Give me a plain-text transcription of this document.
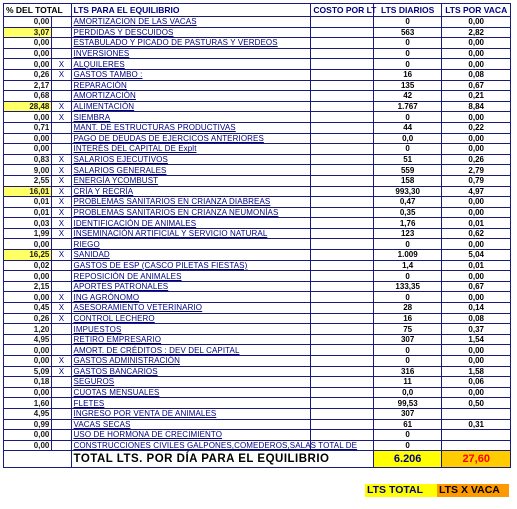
% DEL TOTAL		LTS PARA EL EQUILIBRIO	COSTO POR LT	LTS DIARIOS	LTS POR VACA
0,00		AMORTIZACION DE LAS VACAS		0	0,00
3,07		PERDIDAS Y DESCUIDOS		563	2,82
0,00		ESTABULADO Y PICADO DE PASTURAS Y VERDEOS		0	0,00
0,00		INVERSIONES		0	0,00
0,00	X	ALQUILERES		0	0,00
0,26	X	GASTOS TAMBO :		16	0,08
2,17		REPARACIÓN		135	0,67
0,68		AMORTIZACIÓN		42	0,21
28,48	X	ALIMENTACIÓN		1.767	8,84
0,00	X	SIEMBRA		0	0,00
0,71		MANT. DE ESTRUCTURAS PRODUCTIVAS		44	0,22
0,00		PAGO DE DEUDAS DE EJERCICOS ANTERIORES		0,0	0,00
0,00		INTERÉS DEL CAPITAL DE Explt		0	0,00
0,83	X	SALARIOS EJECUTIVOS		51	0,26
9,00	X	SALARIOS GENERALES		559	2,79
2,55	X	ENERGÍA YCOMBUST		158	0,79
16,01	X	CRÍA Y RECRÍA		993,30	4,97
0,01	X	PROBLEMAS SANITARIOS EN CRIANZA DIABREAS		0,47	0,00
0,01	X	PROBLEMAS SANITARIOS EN CRIANZA NEUMONÍAS		0,35	0,00
0,03	X	IDENTIFICACIÓN DE ANIMALES		1,76	0,01
1,99	X	INSEMINACIÓN ARTIFICIAL Y SERVICIO NATURAL		123	0,62
0,00		RIEGO		0	0,00
16,25	X	SANIDAD		1.009	5,04
0,02		GASTOS DE ESP (CASCO PILETAS FIESTAS)		1,4	0,01
0,00		REPOSICIÓN DE ANIMALES		0	0,00
2,15		APORTES PATRONALES		133,35	0,67
0,00	X	ING AGRÓNOMO		0	0,00
0,45	X	ASESORAMIENTO VETERINARIO		28	0,14
0,26	X	CONTROL LECHERO		16	0,08
1,20		IMPUESTOS		75	0,37
4,95		RETIRO EMPRESARIO		307	1,54
0,00		AMORT. DE CRÉDITOS : DEV DEL CAPITAL		0	0,00
0,00	X	GASTOS ADMINISTRACIÓN		0	0,00
5,09	X	GASTOS BANCARIOS		316	1,58
0,18		SEGUROS		11	0,06
0,00		CUOTAS MENSUALES		0,0	0,00
1,60		FLETES		99,53	0,50
4,95		INGRESO POR VENTA DE ANIMALES		307	
0,99		VACAS SECAS		61	0,31
0,00		USO DE HORMONA DE CRECIMIENTO		0	
0,00		CONSTRUCCIONES CIVILES GALPONES,COMEDEROS,SALAS TOTAL DE		0	
		TOTAL LTS. POR DÍA PARA EL EQUILIBRIO		6.206	27,60
LTS TOTAL	LTS X VACA
